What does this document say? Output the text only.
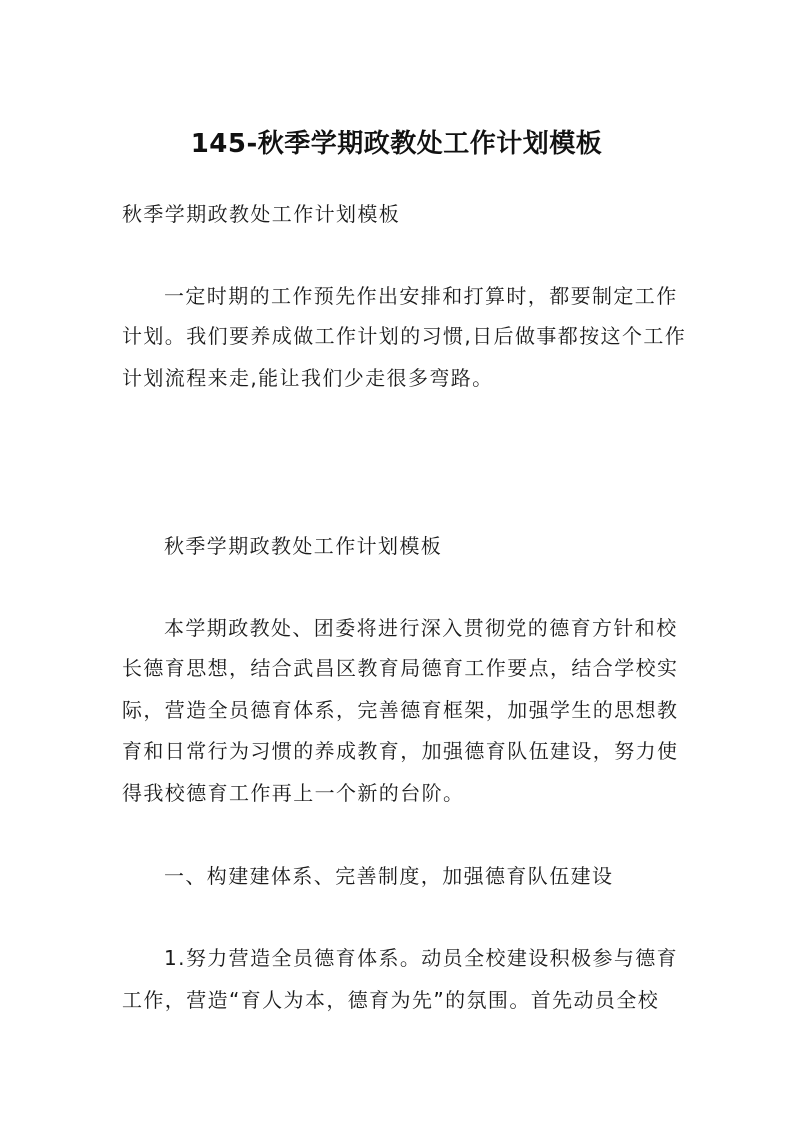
145-秋季学期政教处工作计划模板
秋季学期政教处工作计划模板
一定时期的工作预先作出安排和打算时，都要制定工作
计划。我们要养成做工作计划的习惯,日后做事都按这个工作
计划流程来走,能让我们少走很多弯路。
秋季学期政教处工作计划模板
本学期政教处、团委将进行深入贯彻党的德育方针和校
长德育思想，结合武昌区教育局德育工作要点，结合学校实
际，营造全员德育体系，完善德育框架，加强学生的思想教
育和日常行为习惯的养成教育，加强德育队伍建设，努力使
得我校德育工作再上一个新的台阶。
一、构建建体系、完善制度，加强德育队伍建设
1.努力营造全员德育体系。动员全校建设积极参与德育
工作，营造“育人为本，德育为先”的氛围。首先动员全校
